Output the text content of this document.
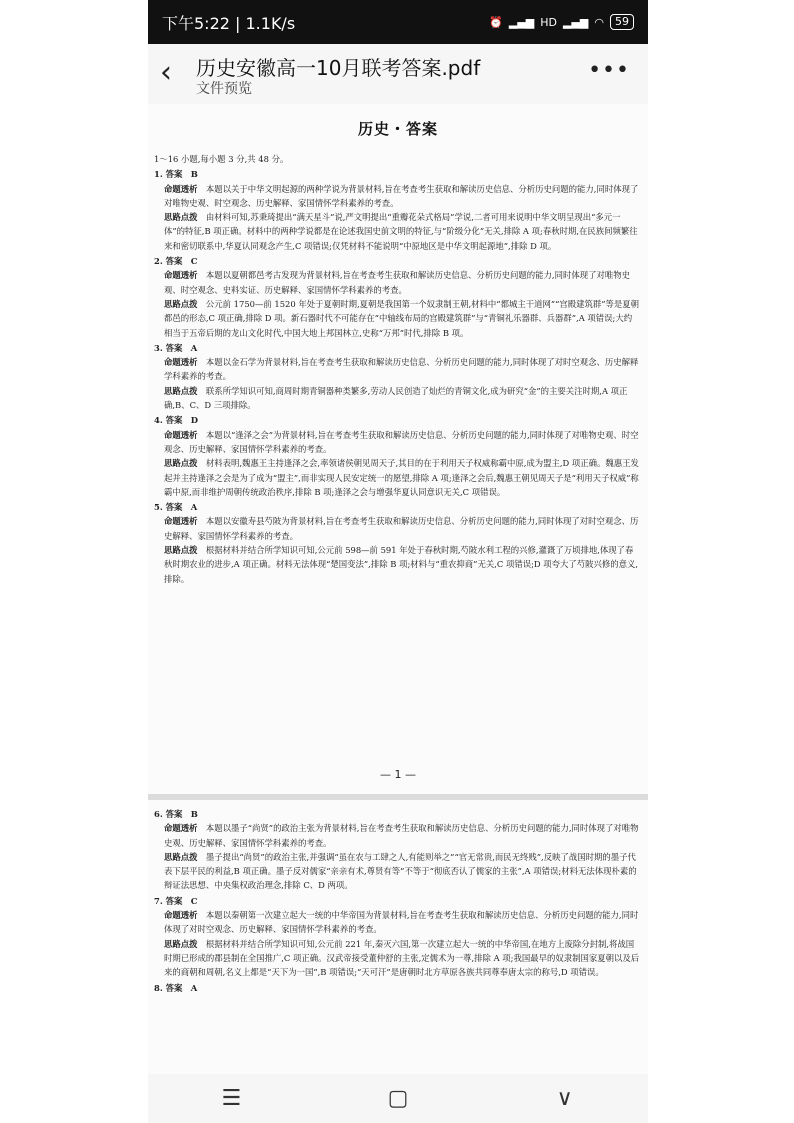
下午5:22 | 1.1K/s	⏰ ▂▄▆ HD ▂▄▆ ◠	59
‹ 历史安徽高一10月联考答案.pdf
文件预览
•••
历史・答案

1～16 小题,每小题 3 分,共 48 分。

1. 答案　B

命题透析　 本题以关于中华文明起源的两种学说为背景材料,旨在考查考生获取和解读历史信息、分析历史问题的能力,同时体现了对唯物史观、时空观念、历史解释、家国情怀学科素养的考查。

思路点拨　 由材料可知,苏秉琦提出“满天星斗”说,严文明提出“重瓣花朵式格局”学说,二者可用来说明中华文明呈现出“多元一体”的特征,B 项正确。材料中的两种学说都是在论述我国史前文明的特征,与“阶级分化”无关,排除 A 项;春秋时期,在民族间频繁往来和密切联系中,华夏认同观念产生,C 项错误;仅凭材料不能说明“中原地区是中华文明起源地”,排除 D 项。

2. 答案　C

命题透析　 本题以夏朝都邑考古发现为背景材料,旨在考查考生获取和解读历史信息、分析历史问题的能力,同时体现了对唯物史观、时空观念、史料实证、历史解释、家国情怀学科素养的考查。

思路点拨　 公元前 1750—前 1520 年处于夏朝时期,夏朝是我国第一个奴隶制王朝,材料中“都城主干道网”“宫殿建筑群”等是夏朝都邑的形态,C 项正确,排除 D 项。新石器时代不可能存在“中轴线布局的宫殿建筑群”与“青铜礼乐器群、兵器群”,A 项错误;大约相当于五帝后期的龙山文化时代,中国大地上邦国林立,史称“万邦”时代,排除 B 项。

3. 答案　A

命题透析　 本题以金石学为背景材料,旨在考查考生获取和解读历史信息、分析历史问题的能力,同时体现了对时空观念、历史解释学科素养的考查。

思路点拨　 联系所学知识可知,商周时期青铜器种类繁多,劳动人民创造了灿烂的青铜文化,成为研究“金”的主要关注时期,A 项正确,B、C、D 三项排除。

4. 答案　D

命题透析　 本题以“逢泽之会”为背景材料,旨在考查考生获取和解读历史信息、分析历史问题的能力,同时体现了对唯物史观、时空观念、历史解释、家国情怀学科素养的考查。

思路点拨　 材料表明,魏惠王主持逢泽之会,率领诸侯朝见周天子,其目的在于利用天子权威称霸中原,成为盟主,D 项正确。魏惠王发起并主持逢泽之会是为了成为“盟主”,而非实现人民安定统一的愿望,排除 A 项;逢泽之会后,魏惠王朝见周天子是“利用天子权威”称霸中原,而非维护周朝传统政治秩序,排除 B 项;逢泽之会与增强华夏认同意识无关,C 项错误。

5. 答案　A

命题透析　 本题以安徽寿县芍陂为背景材料,旨在考查考生获取和解读历史信息、分析历史问题的能力,同时体现了对时空观念、历史解释、家国情怀学科素养的考查。

思路点拨　 根据材料并结合所学知识可知,公元前 598—前 591 年处于春秋时期,芍陂水利工程的兴修,灌溉了万顷排地,体现了春秋时期农业的进步,A 项正确。材料无法体现“楚国变法”,排除 B 项;材料与“重农抑商”无关,C 项错误;D 项夸大了芍陂兴修的意义,排除。

— 1 —

6. 答案　B

命题透析　 本题以墨子“尚贤”的政治主张为背景材料,旨在考查考生获取和解读历史信息、分析历史问题的能力,同时体现了对唯物史观、历史解释、家国情怀学科素养的考查。

思路点拨　 墨子提出“尚贤”的政治主张,并强调“虽在农与工肆之人,有能则举之”“官无常贵,而民无终贱”,反映了战国时期的墨子代表下层平民的利益,B 项正确。墨子反对儒家“亲亲有术,尊贤有等”不等于“彻底否认了儒家的主张”,A 项错误;材料无法体现朴素的辩证法思想、中央集权政治理念,排除 C、D 两项。

7. 答案　C

命题透析　 本题以秦朝第一次建立起大一统的中华帝国为背景材料,旨在考查考生获取和解读历史信息、分析历史问题的能力,同时体现了对时空观念、历史解释、家国情怀学科素养的考查。

思路点拨　 根据材料并结合所学知识可知,公元前 221 年,秦灭六国,第一次建立起大一统的中华帝国,在地方上废除分封制,将战国时期已形成的郡县制在全国推广,C 项正确。汉武帝接受董仲舒的主张,定儒术为一尊,排除 A 项;我国最早的奴隶制国家夏朝以及后来的商朝和周朝,名义上都是“天下为一国”,B 项错误;“天可汗”是唐朝时北方草原各族共同尊奉唐太宗的称号,D 项错误。

8. 答案　A

☰	▢	∨
